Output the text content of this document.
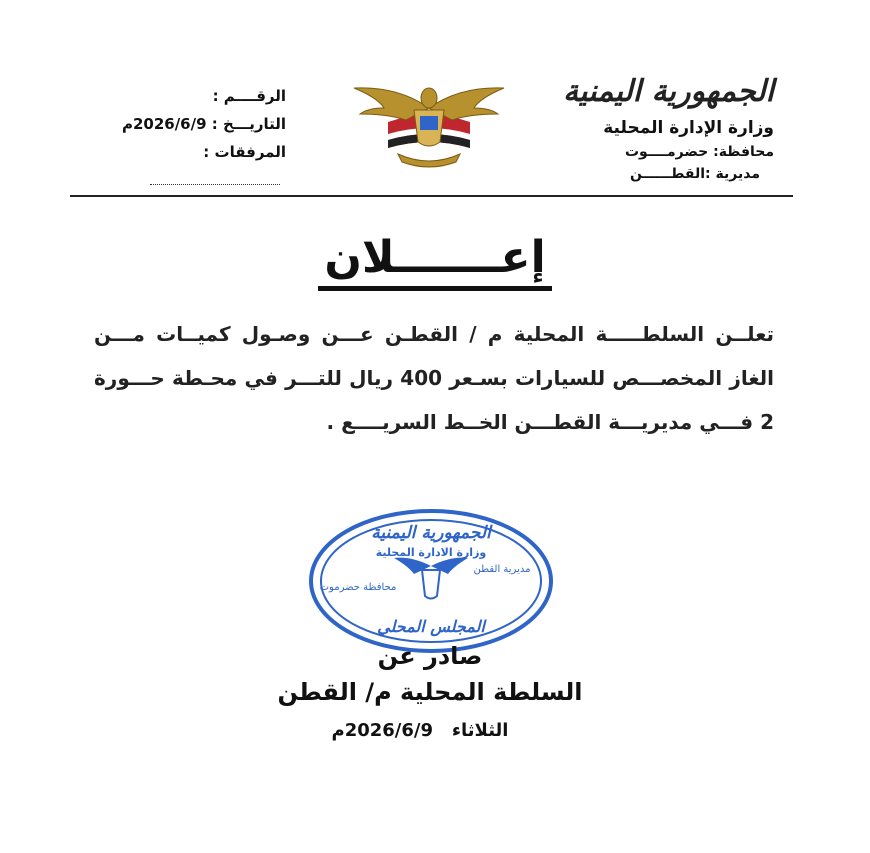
الجمهورية اليمنية
وزارة الإدارة المحلية
محافظة: حضرمــــوت
مديرية :القطــــــن
الرقــــم :
التاريـــخ : 2026/6/9م
المرفقات :
إعـــــــلان
تعلــن السلطـــــة المحلية م / القطـن عـــن وصـول كميــات مـــن الغاز المخصـــص للسيارات بسـعر 400 ريال للتـــر في محـطة حـــورة 2 فـــي مديريـــة القطـــن الخــط السريــــع .
الجمهورية اليمنية
وزارة الادارة المحلية
مديرية القطن
محافظة حضرموت
المجلس المحلي
صادر عن
السلطة المحلية م/ القطن
الثلاثاء   2026/6/9م
